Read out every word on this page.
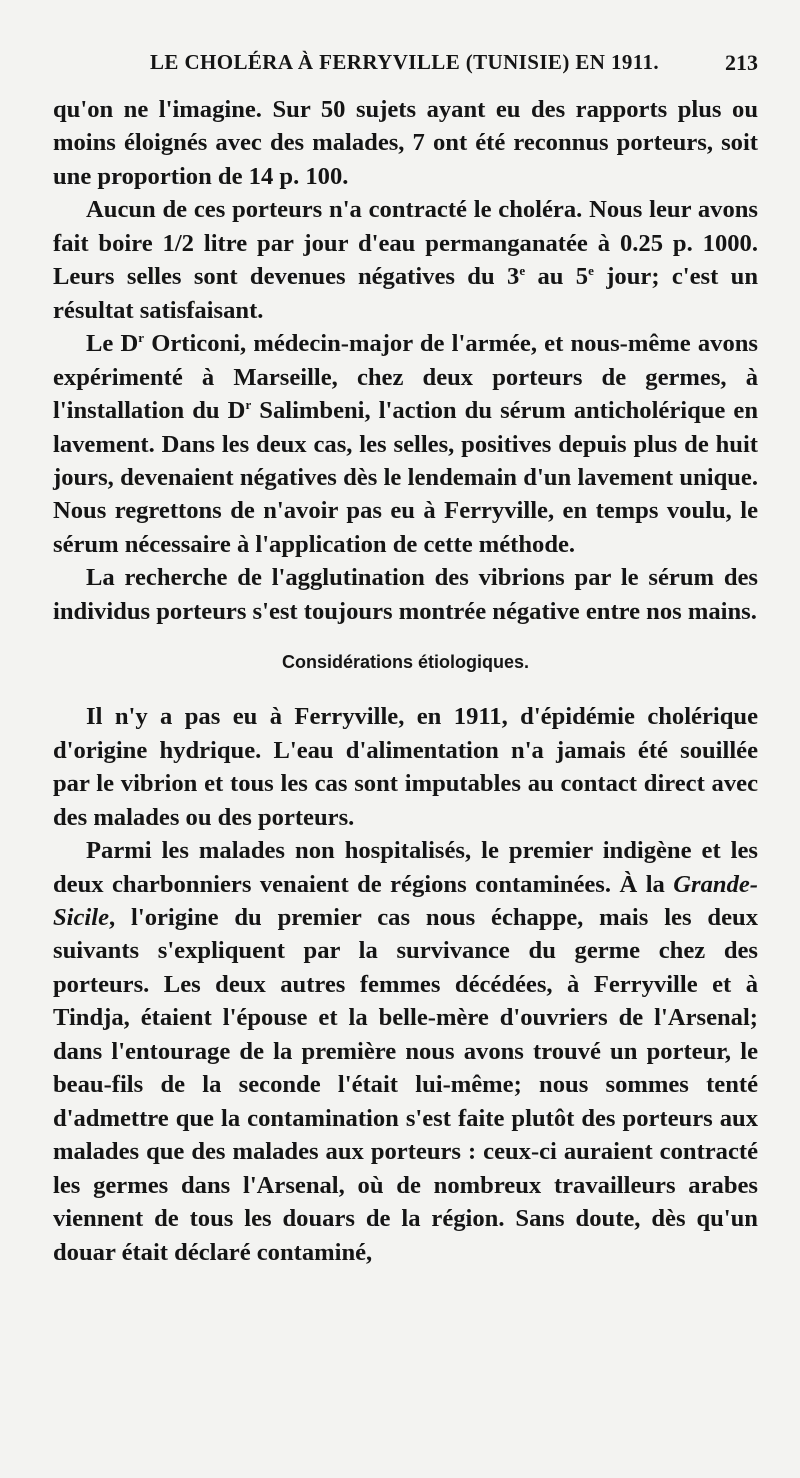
LE CHOLÉRA À FERRYVILLE (TUNISIE) EN 1911.	213

qu'on ne l'imagine. Sur 50 sujets ayant eu des rapports plus ou moins éloignés avec des malades, 7 ont été reconnus porteurs, soit une proportion de 14 p. 100.

Aucun de ces porteurs n'a contracté le choléra. Nous leur avons fait boire 1/2 litre par jour d'eau permanganatée à 0.25 p. 1000. Leurs selles sont devenues négatives du 3e au 5e jour; c'est un résultat satisfaisant.

Le $D^r$ Orticoni, médecin-major de l'armée, et nous-même avons expérimenté à Marseille, chez deux porteurs de germes, à l'installation du $D^r$ Salimbeni, l'action du sérum anticholérique en lavement. Dans les deux cas, les selles, positives depuis plus de huit jours, devenaient négatives dès le lendemain d'un lavement unique. Nous regrettons de n'avoir pas eu à Ferryville, en temps voulu, le sérum nécessaire à l'application de cette méthode.

La recherche de l'agglutination des vibrions par le sérum des individus porteurs s'est toujours montrée négative entre nos mains.

Considérations étiologiques.

Il n'y a pas eu à Ferryville, en 1911, d'épidémie cholérique d'origine hydrique. L'eau d'alimentation n'a jamais été souillée par le vibrion et tous les cas sont imputables au contact direct avec des malades ou des porteurs.

Parmi les malades non hospitalisés, le premier indigène et les deux charbonniers venaient de régions contaminées. À la Grande-Sicile, l'origine du premier cas nous échappe, mais les deux suivants s'expliquent par la survivance du germe chez des porteurs. Les deux autres femmes décédées, à Ferryville et à Tindja, étaient l'épouse et la belle-mère d'ouvriers de l'Arsenal; dans l'entourage de la première nous avons trouvé un porteur, le beau-fils de la seconde l'était lui-même; nous sommes tenté d'admettre que la contamination s'est faite plutôt des porteurs aux malades que des malades aux porteurs : ceux-ci auraient contracté les germes dans l'Arsenal, où de nombreux travailleurs arabes viennent de tous les douars de la région. Sans doute, dès qu'un douar était déclaré contaminé,
